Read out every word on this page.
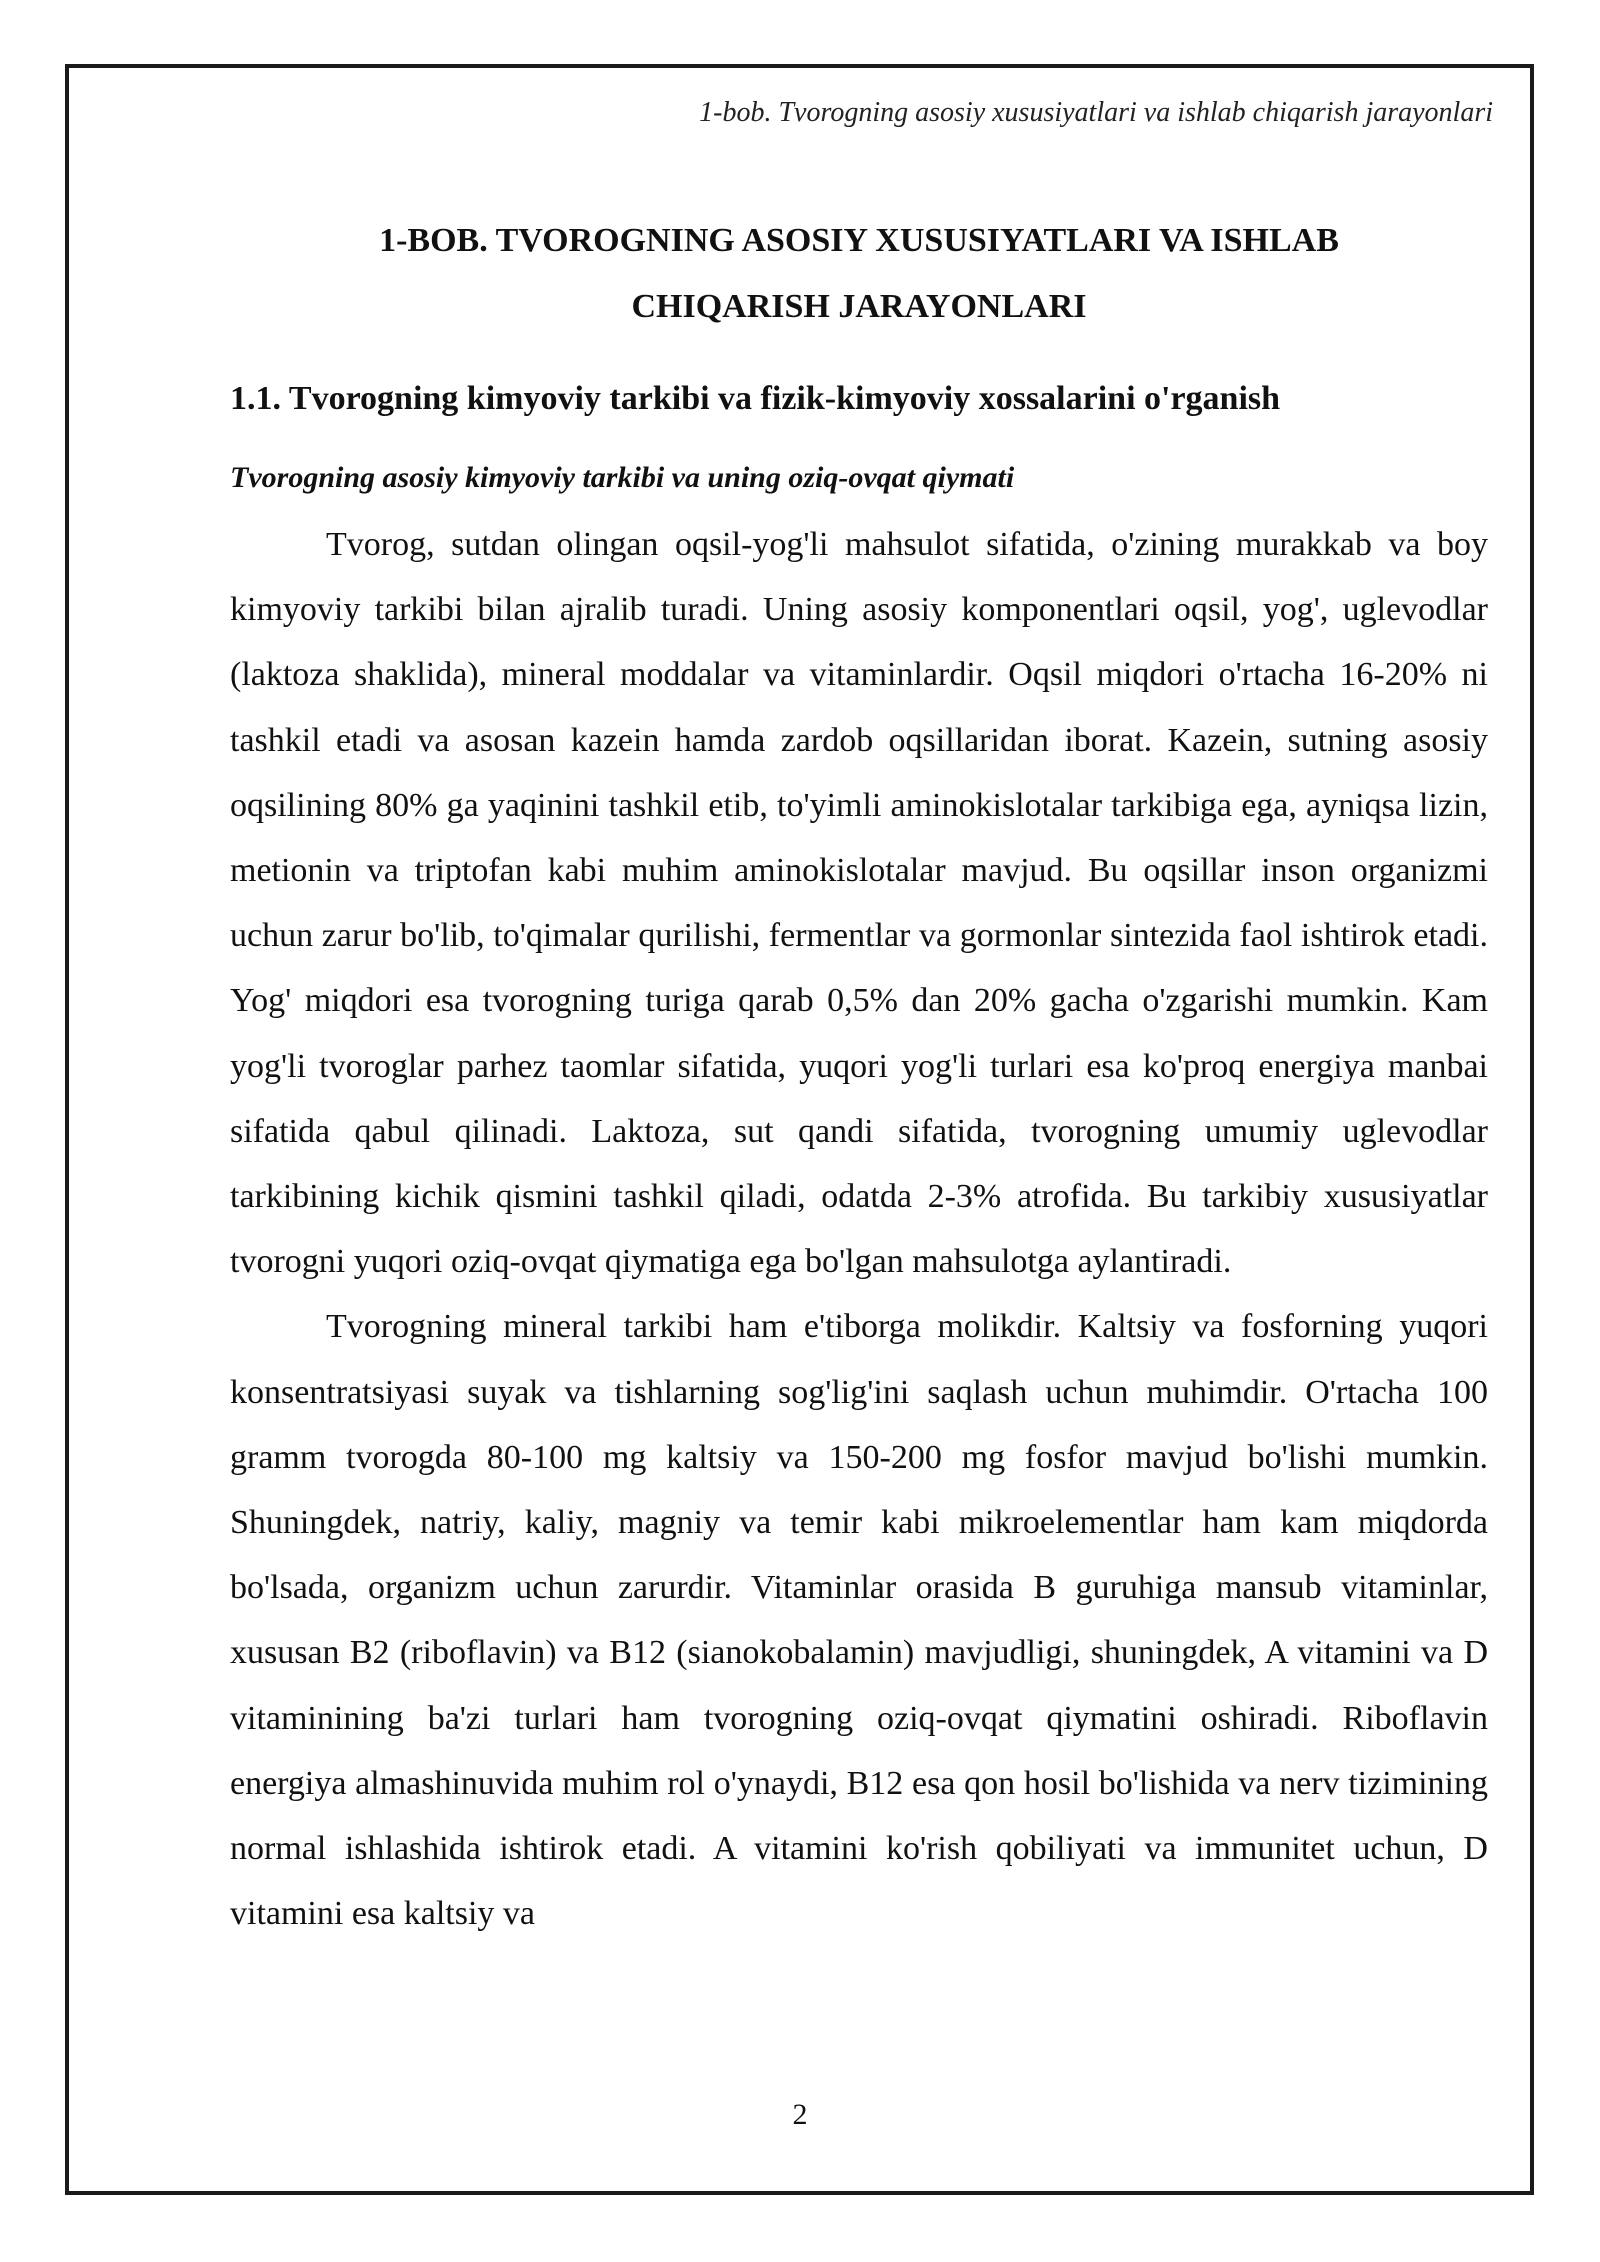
1-bob. Tvorogning asosiy xususiyatlari va ishlab chiqarish jarayonlari
1-BOB. TVOROGNING ASOSIY XUSUSIYATLARI VA ISHLAB
CHIQARISH JARAYONLARI
1.1. Tvorogning kimyoviy tarkibi va fizik-kimyoviy xossalarini o'rganish
Tvorogning asosiy kimyoviy tarkibi va uning oziq-ovqat qiymati

Tvorog, sutdan olingan oqsil-yog'li mahsulot sifatida, o'zining murakkab va boy kimyoviy tarkibi bilan ajralib turadi. Uning asosiy komponentlari oqsil, yog', uglevodlar (laktoza shaklida), mineral moddalar va vitaminlardir. Oqsil miqdori o'rtacha 16-20% ni tashkil etadi va asosan kazein hamda zardob oqsillaridan iborat. Kazein, sutning asosiy oqsilining 80% ga yaqinini tashkil etib, to'yimli aminokislotalar tarkibiga ega, ayniqsa lizin, metionin va triptofan kabi muhim aminokislotalar mavjud. Bu oqsillar inson organizmi uchun zarur bo'lib, to'qimalar qurilishi, fermentlar va gormonlar sintezida faol ishtirok etadi. Yog' miqdori esa tvorogning turiga qarab 0,5% dan 20% gacha o'zgarishi mumkin. Kam yog'li tvoroglar parhez taomlar sifatida, yuqori yog'li turlari esa ko'proq energiya manbai sifatida qabul qilinadi. Laktoza, sut qandi sifatida, tvorogning umumiy uglevodlar tarkibining kichik qismini tashkil qiladi, odatda 2-3% atrofida. Bu tarkibiy xususiyatlar tvorogni yuqori oziq-ovqat qiymatiga ega bo'lgan mahsulotga aylantiradi.

Tvorogning mineral tarkibi ham e'tiborga molikdir. Kaltsiy va fosforning yuqori konsentratsiyasi suyak va tishlarning sog'lig'ini saqlash uchun muhimdir. O'rtacha 100 gramm tvorogda 80-100 mg kaltsiy va 150-200 mg fosfor mavjud bo'lishi mumkin. Shuningdek, natriy, kaliy, magniy va temir kabi mikroelementlar ham kam miqdorda bo'lsada, organizm uchun zarurdir. Vitaminlar orasida B guruhiga mansub vitaminlar, xususan B2 (riboflavin) va B12 (sianokobalamin) mavjudligi, shuningdek, A vitamini va D vitaminining ba'zi turlari ham tvorogning oziq-ovqat qiymatini oshiradi. Riboflavin energiya almashinuvida muhim rol o'ynaydi, B12 esa qon hosil bo'lishida va nerv tizimining normal ishlashida ishtirok etadi. A vitamini ko'rish qobiliyati va immunitet uchun, D vitamini esa kaltsiy va

2
